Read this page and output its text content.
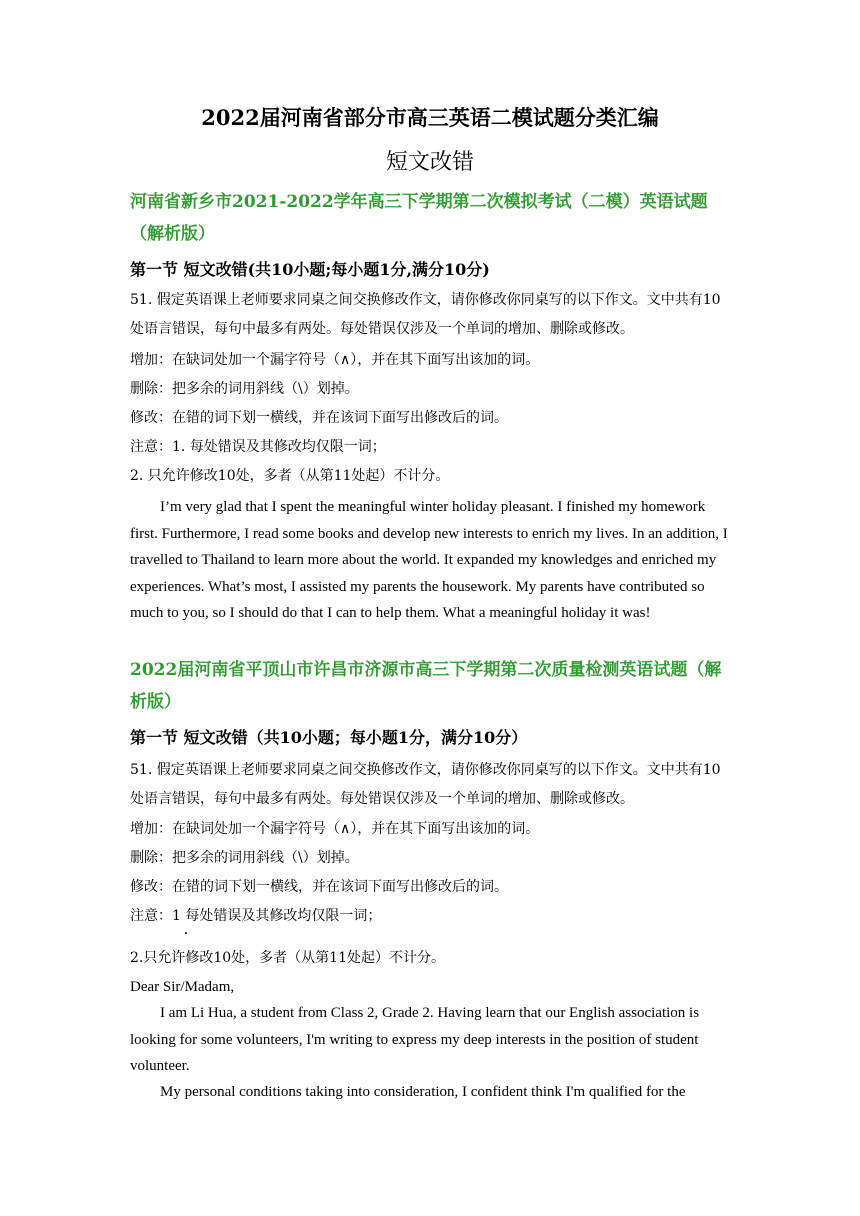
2022届河南省部分市高三英语二模试题分类汇编
短文改错

河南省新乡市2021-2022学年高三下学期第二次模拟考试（二模）英语试题（解析版）

第一节 短文改错(共10小题;每小题1分,满分10分)

51. 假定英语课上老师要求同桌之间交换修改作文，请你修改你同桌写的以下作文。文中共有10处语言错误，每句中最多有两处。每处错误仅涉及一个单词的增加、删除或修改。

增加：在缺词处加一个漏字符号（∧），并在其下面写出该加的词。

删除：把多余的词用斜线（\）划掉。

修改：在错的词下划一横线，并在该词下面写出修改后的词。

注意：1. 每处错误及其修改均仅限一词；

2. 只允许修改10处，多者（从第11处起）不计分。

I’m very glad that I spent the meaningful winter holiday pleasant. I finished my homework first. Furthermore, I read some books and develop new interests to enrich my lives. In an addition, I travelled to Thailand to learn more about the world. It expanded my knowledges and enriched my experiences. What’s most, I assisted my parents the housework. My parents have contributed so much to you, so I should do that I can to help them. What a meaningful holiday it was!

2022届河南省平顶山市许昌市济源市高三下学期第二次质量检测英语试题（解析版）

第一节 短文改错（共10小题；每小题1分，满分10分）

51. 假定英语课上老师要求同桌之间交换修改作文，请你修改你同桌写的以下作文。文中共有10处语言错误，每句中最多有两处。每处错误仅涉及一个单词的增加、删除或修改。

增加：在缺词处加一个漏字符号（∧），并在其下面写出该加的词。

删除：把多余的词用斜线（\）划掉。

修改：在错的词下划一横线，并在该词下面写出修改后的词。

注意：1 每处错误及其修改均仅限一词；

2.只允许修改10处，多者（从第11处起）不计分。

Dear Sir/Madam,

I am Li Hua, a student from Class 2, Grade 2. Having learn that our English association is looking for some volunteers, I'm writing to express my deep interests in the position of student volunteer.

My personal conditions taking into consideration, I confident think I'm qualified for the
